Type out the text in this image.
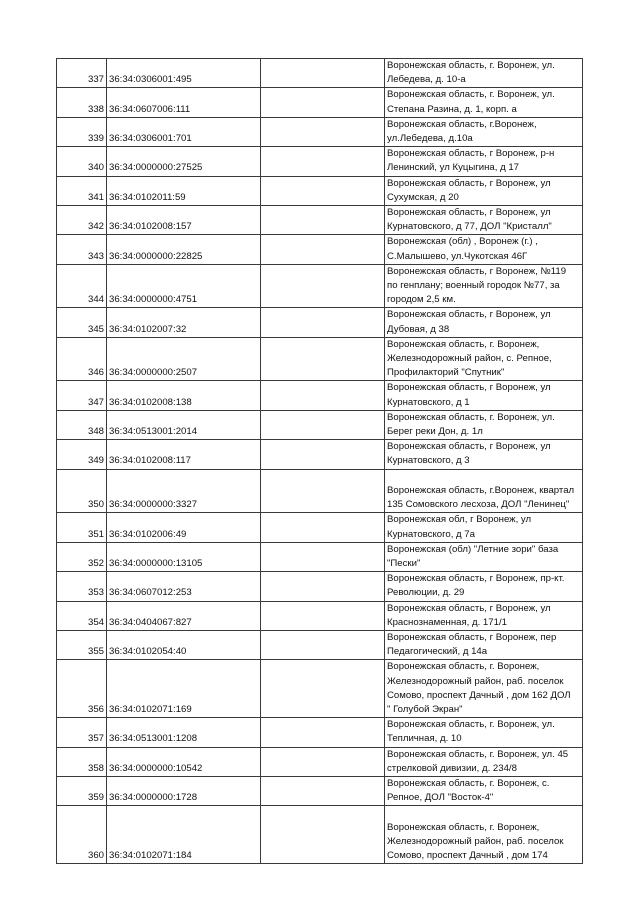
337	36:34:0306001:495		Воронежская область, г. Воронеж, ул.
Лебедева, д. 10-а

338	36:34:0607006:111		Воронежская область, г. Воронеж, ул.
Степана Разина, д. 1, корп. а

339	36:34:0306001:701		Воронежская область, г.Воронеж,
ул.Лебедева, д.10а

340	36:34:0000000:27525		Воронежская область, г Воронеж, р-н
Ленинский, ул Куцыгина, д 17

341	36:34:0102011:59		Воронежская область, г Воронеж, ул
Сухумская, д 20

342	36:34:0102008:157		Воронежская область, г Воронеж, ул
Курнатовского, д 77, ДОЛ "Кристалл"

343	36:34:0000000:22825		Воронежская (обл) , Воронеж (г.) ,
С.Малышево, ул.Чукотская 46Г

344	36:34:0000000:4751		Воронежская область, г Воронеж, №119
по генплану; военный городок №77, за
городом 2,5 км.

345	36:34:0102007:32		Воронежская область, г Воронеж, ул
Дубовая, д 38

346	36:34:0000000:2507		Воронежская область, г. Воронеж,
Железнодорожный район, с. Репное,
Профилакторий "Спутник"

347	36:34:0102008:138		Воронежская область, г Воронеж, ул
Курнатовского, д 1

348	36:34:0513001:2014		Воронежская область, г. Воронеж, ул.
Берег реки Дон, д. 1л

349	36:34:0102008:117		Воронежская область, г Воронеж, ул
Курнатовского, д 3

350	36:34:0000000:3327		Воронежская область, г.Воронеж, квартал
135 Сомовского лесхоза, ДОЛ "Ленинец"

351	36:34:0102006:49		Воронежская обл, г Воронеж, ул
Курнатовского, д 7а

352	36:34:0000000:13105		Воронежская (обл) "Летние зори" база
"Пески"

353	36:34:0607012:253		Воронежская область, г Воронеж, пр-кт.
Революции, д. 29

354	36:34:0404067:827		Воронежская область, г Воронеж, ул
Краснознаменная, д. 171/1

355	36:34:0102054:40		Воронежская область, г Воронеж, пер
Педагогический, д 14а

356	36:34:0102071:169		Воронежская область, г. Воронеж,
Железнодорожный район, раб. поселок
Сомово, проспект Дачный , дом 162 ДОЛ
" Голубой Экран"

357	36:34:0513001:1208		Воронежская область, г. Воронеж, ул.
Тепличная, д. 10

358	36:34:0000000:10542		Воронежская область, г. Воронеж, ул. 45
стрелковой дивизии, д. 234/8

359	36:34:0000000:1728		Воронежская область, г. Воронеж, с.
Репное, ДОЛ "Восток-4"

360	36:34:0102071:184		Воронежская область, г. Воронеж,
Железнодорожный район, раб. поселок
Сомово, проспект Дачный , дом 174
